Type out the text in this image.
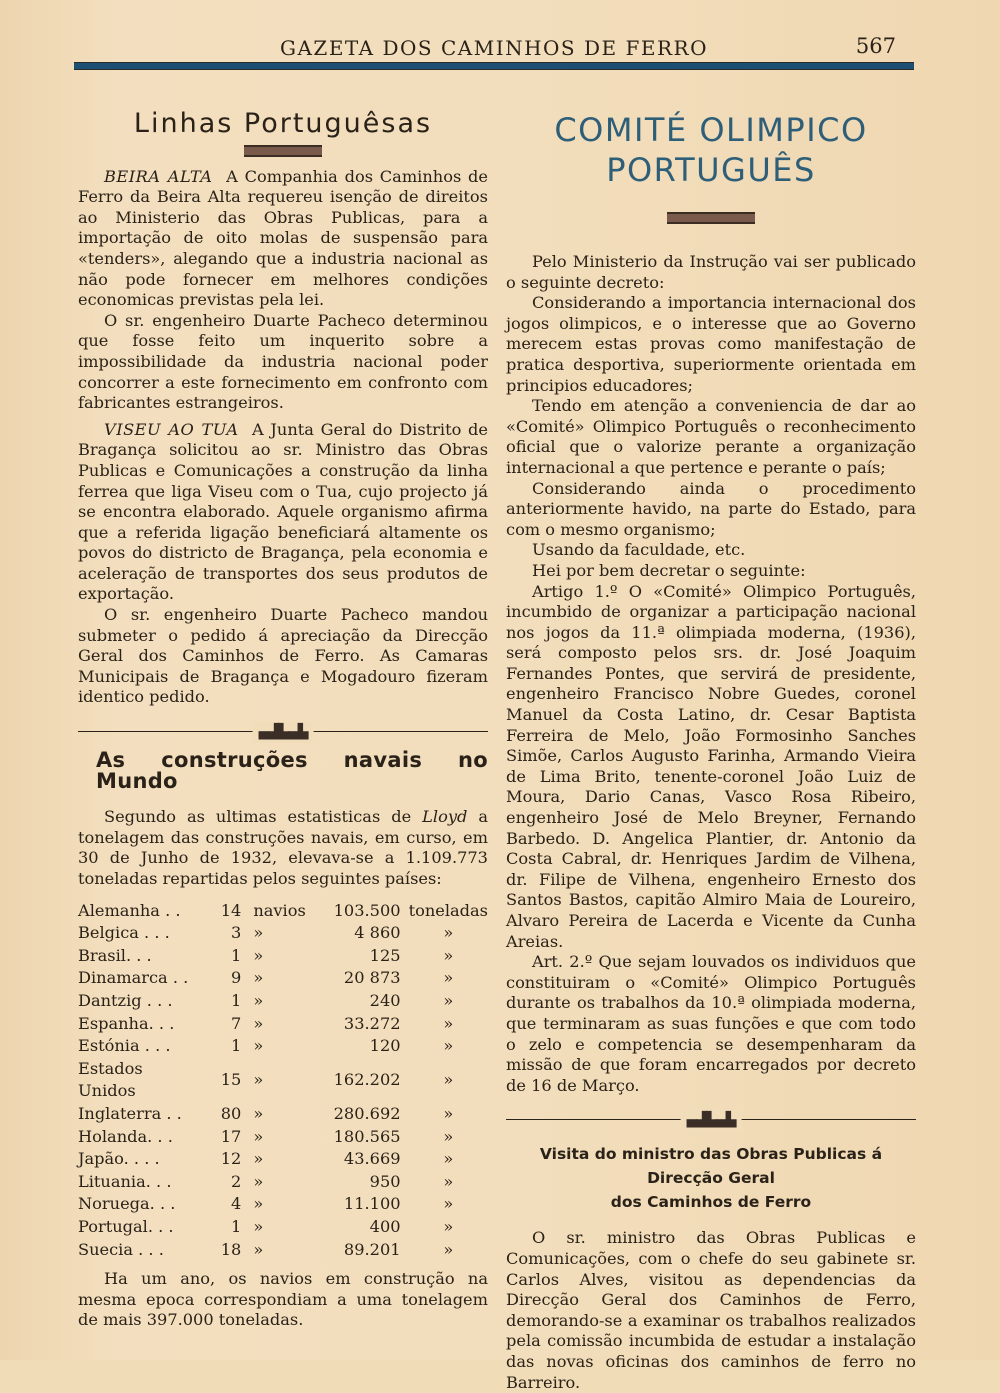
GAZETA DOS CAMINHOS DE FERRO	567
Linhas Portuguêsas

BEIRA ALTA A Companhia dos Caminhos de Ferro da Beira Alta requereu isenção de direitos ao Ministerio das Obras Publicas, para a importação de oito molas de suspensão para «tenders», alegando que a industria nacional as não pode fornecer em melhores condições economicas previstas pela lei.

O sr. engenheiro Duarte Pacheco determinou que fosse feito um inquerito sobre a impossibilidade da industria nacional poder concorrer a este fornecimento em confronto com fabricantes estrangeiros.

VISEU AO TUA A Junta Geral do Distrito de Bragança solicitou ao sr. Ministro das Obras Publicas e Comunicações a construção da linha ferrea que liga Viseu com o Tua, cujo projecto já se encontra elaborado. Aquele organismo afirma que a referida ligação beneficiará altamente os povos do districto de Bragança, pela economia e aceleração de transportes dos seus produtos de exportação.

O sr. engenheiro Duarte Pacheco mandou submeter o pedido á apreciação da Direcção Geral dos Caminhos de Ferro. As Camaras Municipais de Bragança e Mogadouro fizeram identico pedido.

▄▟▙▄▙
As construções navais no Mundo

Segundo as ultimas estatisticas de Lloyd a tonelagem das construções navais, em curso, em 30 de Junho de 1932, elevava-se a 1.109.773 toneladas repartidas pelos seguintes países:

Alemanha . .	14	navios	103.500	toneladas
Belgica . . .	3	»	4 860	»
Brasil. . .	1	»	125	»
Dinamarca . .	9	»	20 873	»
Dantzig . . .	1	»	240	»
Espanha. . .	7	»	33.272	»
Estónia . . .	1	»	120	»
Estados Unidos	15	»	162.202	»
Inglaterra . .	80	»	280.692	»
Holanda. . .	17	»	180.565	»
Japão. . . .	12	»	43.669	»
Lituania. . .	2	»	950	»
Noruega. . .	4	»	11.100	»
Portugal. . .	1	»	400	»
Suecia . . .	18	»	89.201	»

Ha um ano, os navios em construção na mesma epoca correspondiam a uma tonelagem de mais 397.000 toneladas.

COMITÉ OLIMPICO
PORTUGUÊS

Pelo Ministerio da Instrução vai ser publicado o seguinte decreto:

Considerando a importancia internacional dos jogos olimpicos, e o interesse que ao Governo merecem estas provas como manifestação de pratica desportiva, superiormente orientada em principios educadores;

Tendo em atenção a conveniencia de dar ao «Comité» Olimpico Português o reconhecimento oficial que o valorize perante a organização internacional a que pertence e perante o país;

Considerando ainda o procedimento anteriormente havido, na parte do Estado, para com o mesmo organismo;

Usando da faculdade, etc.

Hei por bem decretar o seguinte:

Artigo 1.º O «Comité» Olimpico Português, incumbido de organizar a participação nacional nos jogos da 11.ª olimpiada moderna, (1936), será composto pelos srs. dr. José Joaquim Fernandes Pontes, que servirá de presidente, engenheiro Francisco Nobre Guedes, coronel Manuel da Costa Latino, dr. Cesar Baptista Ferreira de Melo, João Formosinho Sanches Simõe, Carlos Augusto Farinha, Armando Vieira de Lima Brito, tenente-coronel João Luiz de Moura, Dario Canas, Vasco Rosa Ribeiro, engenheiro José de Melo Breyner, Fernando Barbedo. D. Angelica Plantier, dr. Antonio da Costa Cabral, dr. Henriques Jardim de Vilhena, dr. Filipe de Vilhena, engenheiro Ernesto dos Santos Bastos, capitão Almiro Maia de Loureiro, Alvaro Pereira de Lacerda e Vicente da Cunha Areias.

Art. 2.º Que sejam louvados os individuos que constituiram o «Comité» Olimpico Português durante os trabalhos da 10.ª olimpiada moderna, que terminaram as suas funções e que com todo o zelo e competencia se desempenharam da missão de que foram encarregados por decreto de 16 de Março.

▄▟▙▄▙
Visita do ministro das Obras Publicas á Direcção Geral
dos Caminhos de Ferro

O sr. ministro das Obras Publicas e Comunicações, com o chefe do seu gabinete sr. Carlos Alves, visitou as dependencias da Direcção Geral dos Caminhos de Ferro, demorando-se a examinar os trabalhos realizados pela comissão incumbida de estudar a instalação das novas oficinas dos caminhos de ferro no Barreiro.
